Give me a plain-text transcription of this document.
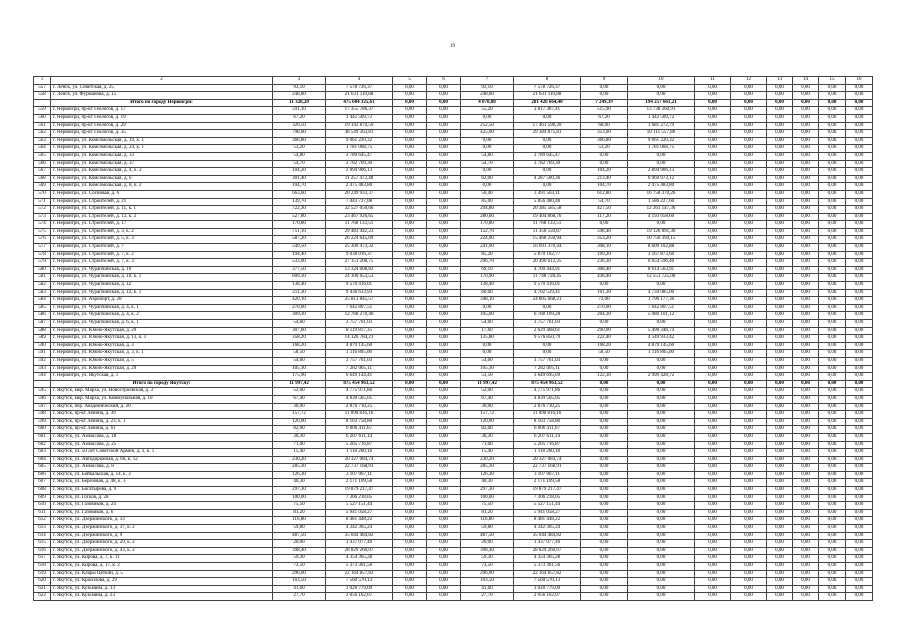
19
1	2	3	4	5	6	7	8	9	10	11	12	13	14	15	16
557	г. Ленск, ул. Советская, д. 25	93,10	7 578 726,37	0,00	0,00	93,10	7 578 726,37	0,00	0,00	0,00	0,00	0,00	0,00	0,00	0,00
558	г. Ленск, ул. Фурманова, д. 15	248,80	21 631 110,88	0,00	0,00	248,80	21 631 110,88	0,00	0,00	0,00	0,00	0,00	0,00	0,00	0,00
	Итого по городу Нерюнгри:	11 328,20	475 684 325,61	0,00	0,00	4 078,80	281 426 664,40	7 249,39	194 257 661,21	0,00	0,00	0,00	0,00	0,00	0,00
559	г. Нерюнгри, пр-кт Геологов, д. 17	591,10	17 355 786,37	0,00	0,00	55,20	3 817 367,41	515,90	13 738 260,91	0,00	0,00	0,00	0,00	0,00	0,00
560	г. Нерюнгри, пр-кт Геологов, д. 19	67,20	1 442 509,72	0,00	0,00	0,00	0,00	67,20	1 442 509,72	0,00	0,00	0,00	0,00	0,00	0,00
561	г. Нерюнгри, пр-кт Геологов, д. 29	320,50	19 142 870,59	0,00	0,00	252,50	17 461 598,20	68,00	1 681 272,79	0,00	0,00	0,00	0,00	0,00	0,00
562	г. Нерюнгри, пр-кт Геологов, д. 35	798,00	38 549 363,81	0,00	0,00	425,00	29 384 875,81	353,00	10 111 557,88	0,00	0,00	0,00	0,00	0,00	0,00
563	г. Нерюнгри, ул. Комсомольская, д. 19, к. 1	366,80	9 061 220,32	0,00	0,00	0,00	0,00	366,80	9 061 220,32	0,00	0,00	0,00	0,00	0,00	0,00
564	г. Нерюнгри, ул. Комсомольская, д. 24, к. 1	53,20	1 781 068,75	0,00	0,00	0,00	0,00	53,20	1 781 068,75	0,00	0,00	0,00	0,00	0,00	0,00
565	г. Нерюнгри, ул. Комсомольская, д. 33	54,80	3 789 645,47	0,00	0,00	54,80	3 789 645,47	0,00	0,00	0,00	0,00	0,00	0,00	0,00	0,00
566	г. Нерюнгри, ул. Комсомольская, д. 37	54,70	3 782 769,30	0,00	0,00	54,70	3 782 769,30	0,00	0,00	0,00	0,00	0,00	0,00	0,00	0,00
567	г. Нерюнгри, ул. Комсомольская, д. 4, к. 2	104,20	2 894 906,13	0,00	0,00	0,00	0,00	104,20	2 894 906,13	0,00	0,00	0,00	0,00	0,00	0,00
568	г. Нерюнгри, ул. Комсомольская, д. 6	301,40	11 257 473,48	0,00	0,00	62,00	4 287 500,36	213,40	6 969 973,12	0,00	0,00	0,00	0,00	0,00	0,00
569	г. Нерюнгри, ул. Комсомольская, д. 8, к. 2	104,70	2 475 483,80	0,00	0,00	0,00	0,00	104,70	2 475 483,80	0,00	0,00	0,00	0,00	0,00	0,00
570	г. Нерюнгри, ул. Сосновая, д. 6	663,60	20 249 933,37	0,00	0,00	50,40	3 491 563,11	612,80	16 758 370,26	0,00	0,00	0,00	0,00	0,00	0,00
571	г. Нерюнгри, ул. Строителей, д. 21	139,70	7 443 727,08	0,00	0,00	85,00	5 856 480,48	54,70	1 586 227,60	0,00	0,00	0,00	0,00	0,00	0,00
572	г. Нерюнгри, ул. Строителей, д. 11, к. 1	722,30	32 527 050,66	0,00	0,00	294,80	20 385 585,58	427,50	12 261 147,36	0,00	0,00	0,00	0,00	0,00	0,00
573	г. Нерюнгри, ул. Строителей, д. 13, к. 2	527,80	23 467 926,65	0,00	0,00	280,60	19 404 868,76	117,20	4 193 058,60	0,00	0,00	0,00	0,00	0,00	0,00
574	г. Нерюнгри, ул. Строителей, д. 17	170,80	11 768 133,51	0,00	0,00	170,80	11 768 133,51	0,00	0,00	0,00	0,00	0,00	0,00	0,00	0,00
575	г. Нерюнгри, ул. Строителей, д. 3, к. 2	751,10	29 483 442,23	0,00	0,00	152,70	11 356 550,87	598,40	19 126 891,36	0,00	0,00	0,00	0,00	0,00	0,00
576	г. Нерюнгри, ул. Строителей, д. 5, к. 3	587,20	26 224 645,09	0,00	0,00	224,00	15 468 250,94	353,20	10 756 394,15	0,00	0,00	0,00	0,00	0,00	0,00
577	г. Нерюнгри, ул. Строителей, д. 7	549,50	25 300 473,32	0,00	0,00	241,00	16 691 370,44	308,10	8 609 102,88	0,00	0,00	0,00	0,00	0,00	0,00
578	г. Нерюнгри, ул. Строителей, д. 7, к. 2	194,40	9 038 016,37	0,00	0,00	85,20	5 870 162,77	109,20	3 167 873,60	0,00	0,00	0,00	0,00	0,00	0,00
579	г. Нерюнгри, ул. Строителей, д. 7, к. 3	533,00	27 151 208,75	0,00	0,00	296,70	20 496 612,35	236,30	6 654 596,40	0,00	0,00	0,00	0,00	0,00	0,00
580	г. Нерюнгри, ул. Чурапчинская, д. 10	377,50	13 324 008,82	0,00	0,00	69,10	4 709 444,91	308,40	8 614 563,91	0,00	0,00	0,00	0,00	0,00	0,00
581	г. Нерюнгри, ул. Чурапчинская, д. 10, к. 1	609,30	24 300 653,53	0,00	0,00	170,90	11 748 728,45	438,40	12 551 725,08	0,00	0,00	0,00	0,00	0,00	0,00
582	г. Нерюнгри, ул. Чурапчинская, д. 12	138,40	9 570 416,01	0,00	0,00	138,40	9 570 416,01	0,00	0,00	0,00	0,00	0,00	0,00	0,00	0,00
583	г. Нерюнгри, ул. Чурапчинская, д. 12, к. 1	211,30	9 436 613,93	0,00	0,00	60,00	4 702 529,41	161,30	4 734 085,00	0,00	0,00	0,00	0,00	0,00	0,00
584	г. Нерюнгри, ул. Аэропорт, д. 20	420,10	25 813 845,57	0,00	0,00	348,10	24 005 668,21	72,00	1 796 177,36	0,00	0,00	0,00	0,00	0,00	0,00
585	г. Нерюнгри, ул. Чурапчинская, д. 4, к. 1	270,00	7 642 807,51	0,00	0,00	0,00	0,00	270,00	7 642 807,51	0,00	0,00	0,00	0,00	0,00	0,00
586	г. Нерюнгри, ул. Чурапчинская, д. 4, к. 2	309,30	12 768 270,40	0,00	0,00	105,00	6 788 169,28	204,30	5 980 101,12	0,00	0,00	0,00	0,00	0,00	0,00
587	г. Нерюнгри, ул. Чурапчинская, д. 6, к. 1	54,60	3 757 761,03	0,00	0,00	54,60	3 757 761,03	0,00	0,00	0,00	0,00	0,00	0,00	0,00	0,00
588	г. Нерюнгри, ул. Южно-Якутская, д. 29	307,60	8 119 817,35	0,00	0,00	17,60	2 629 468,61	290,00	5 490 348,74	0,00	0,00	0,00	0,00	0,00	0,00
589	г. Нерюнгри, ул. Южно-Якутская, д. 13, к. 1	358,20	14 126 784,21	0,00	0,00	135,80	9 576 850,79	222,40	4 549 933,42	0,00	0,00	0,00	0,00	0,00	0,00
590	г. Нерюнгри, ул. Южно-Якутская, д. 3	168,20	4 879 145,60	0,00	0,00	0,00	0,00	168,20	4 879 145,60	0,00	0,00	0,00	0,00	0,00	0,00
591	г. Нерюнгри, ул. Южно-Якутская, д. 3, к. 1	58,50	1 116 805,00	0,00	0,00	0,00	0,00	58,50	1 116 805,00	0,00	0,00	0,00	0,00	0,00	0,00
592	г. Нерюнгри, ул. Южно-Якутская, д. 5	54,60	3 757 761,03	0,00	0,00	54,60	3 757 761,03	0,00	0,00	0,00	0,00	0,00	0,00	0,00	0,00
593	г. Нерюнгри, ул. Южно-Якутская, д. 29	105,30	7 282 005,11	0,00	0,00	105,30	7 282 005,11	0,00	0,00	0,00	0,00	0,00	0,00	0,00	0,00
594	г. Нерюнгри, ул. Якутская, д. 1	175,90	6 649 144,41	0,00	0,00	53,50	3 649 695,69	122,30	2 999 428,72	0,00	0,00	0,00	0,00	0,00	0,00
	Итого по городу Якутску:	11 997,42	875 454 963,52	0,00	0,00	11 997,42	875 454 963,52	0,00	0,00	0,00	0,00	0,00	0,00	0,00	0,00
595	г. Якутск, мкр. Марха, ул. Новостроевская, д. 3	52,00	4 775 971,86	0,00	0,00	52,00	4 775 971,86	0,00	0,00	0,00	0,00	0,00	0,00	0,00	0,00
596	г. Якутск, мкр. Марха, ул. Коммунальная, д. 10	67,40	4 839 565,05	0,00	0,00	67,40	4 839 565,05	0,00	0,00	0,00	0,00	0,00	0,00	0,00	0,00
597	г. Якутск, пер. Академический, д. 20	30,00	2 876 710,25	0,00	0,00	30,00	2 876 710,25	0,00	0,00	0,00	0,00	0,00	0,00	0,00	0,00
598	г. Якутск, пр-кт Ленина, д. 39	157,72	11 090 816,16	0,00	0,00	157,72	11 090 816,16	0,00	0,00	0,00	0,00	0,00	0,00	0,00	0,00
599	г. Якутск, пр-кт Ленина, д. 23, к. 1	120,00	8 103 758,80	0,00	0,00	120,00	8 103 758,80	0,00	0,00	0,00	0,00	0,00	0,00	0,00	0,00
600	г. Якутск, пр-кт Ленина, д. 61	82,00	6 006 411,67	0,00	0,00	82,00	6 006 411,67	0,00	0,00	0,00	0,00	0,00	0,00	0,00	0,00
601	г. Якутск, ул. Аммосова, д. 18	36,30	6 207 611,14	0,00	0,00	36,30	6 207 611,14	0,00	0,00	0,00	0,00	0,00	0,00	0,00	0,00
602	г. Якутск, ул. Аммосова, д. 25	71,00	5 205 716,87	0,00	0,00	71,00	5 205 716,87	0,00	0,00	0,00	0,00	0,00	0,00	0,00	0,00
603	г. Якутск, ул. 50 лет Советской Армии, д. 3, к. 1	15,40	1 118 260,18	0,00	0,00	15,40	1 118 260,18	0,00	0,00	0,00	0,00	0,00	0,00	0,00	0,00
604	г. Якутск, ул. Автодорожная, д. 66, к. 12	230,20	20 327 084,74	0,00	0,00	230,20	20 327 084,74	0,00	0,00	0,00	0,00	0,00	0,00	0,00	0,00
605	г. Якутск, ул. Аммосова, д. 8	285,30	22 737 168,91	0,00	0,00	285,30	22 737 168,91	0,00	0,00	0,00	0,00	0,00	0,00	0,00	0,00
606	г. Якутск, ул. Байкальская, д. 14, к. 3	126,30	3 107 067,11	0,00	0,00	126,30	3 107 067,11	0,00	0,00	0,00	0,00	0,00	0,00	0,00	0,00
607	г. Якутск, ул. Березовая, д. 48, к. 3	40,30	2 171 109,58	0,00	0,00	40,30	2 171 109,58	0,00	0,00	0,00	0,00	0,00	0,00	0,00	0,00
608	г. Якутск, ул. Богатырева, д. 9	297,30	19 879 217,47	0,00	0,00	297,30	19 879 217,47	0,00	0,00	0,00	0,00	0,00	0,00	0,00	0,00
609	г. Якутск, ул. Гоголя, д. 28	100,00	7 306 218,05	0,00	0,00	100,00	7 306 218,05	0,00	0,00	0,00	0,00	0,00	0,00	0,00	0,00
610	г. Якутск, ул. Газовиков, д. 24	75,50	5 527 151,44	0,00	0,00	75,50	5 527 151,44	0,00	0,00	0,00	0,00	0,00	0,00	0,00	0,00
611	г. Якутск, ул. Газовиков, д. 6	81,20	5 941 058,27	0,00	0,00	81,20	5 941 058,27	0,00	0,00	0,00	0,00	0,00	0,00	0,00	0,00
612	г. Якутск, ул. Дзержинского, д. 33	116,80	8 481 448,22	0,00	0,00	116,80	8 481 448,22	0,00	0,00	0,00	0,00	0,00	0,00	0,00	0,00
613	г. Якутск, ул. Дзержинского, д. 37, к. 2	59,80	4 342 365,24	0,00	0,00	59,80	4 342 365,24	0,00	0,00	0,00	0,00	0,00	0,00	0,00	0,00
614	г. Якутск, ул. Дзержинского, д. 9	487,50	35 044 484,82	0,00	0,00	487,50	35 044 484,82	0,00	0,00	0,00	0,00	0,00	0,00	0,00	0,00
615	г. Якутск, ул. Дзержинского, д. 29, к. 2	20,00	1 437 077,40	0,00	0,00	20,00	1 437 077,40	0,00	0,00	0,00	0,00	0,00	0,00	0,00	0,00
616	г. Якутск, ул. Дзержинского, д. 43, к. 2	398,40	28 829 260,07	0,00	0,00	398,40	28 829 260,07	0,00	0,00	0,00	0,00	0,00	0,00	0,00	0,00
617	г. Якутск, ул. Кирова, д. 7, к. 11	59,30	4 354 365,28	0,00	0,00	59,30	4 354 365,28	0,00	0,00	0,00	0,00	0,00	0,00	0,00	0,00
618	г. Якутск, ул. Кирова, д. 17, к. 2	73,50	5 373 361,56	0,00	0,00	73,50	5 373 361,56	0,00	0,00	0,00	0,00	0,00	0,00	0,00	0,00
619	г. Якутск, ул. Клары Цеткин, д. 5	296,00	22 164 857,82	0,00	0,00	296,00	22 164 857,82	0,00	0,00	0,00	0,00	0,00	0,00	0,00	0,00
620	г. Якутск, ул. Красилова, д. 29	103,50	7 560 570,13	0,00	0,00	103,50	7 560 570,13	0,00	0,00	0,00	0,00	0,00	0,00	0,00	0,00
621	г. Якутск, ул. Кузьмина, д. 13	41,60	3 020 779,09	0,00	0,00	41,60	3 020 779,09	0,00	0,00	0,00	0,00	0,00	0,00	0,00	0,00
622	г. Якутск, ул. Кузьмина, д. 23	27,70	2 056 162,07	0,00	0,00	27,70	2 056 162,07	0,00	0,00	0,00	0,00	0,00	0,00	0,00	0,00
